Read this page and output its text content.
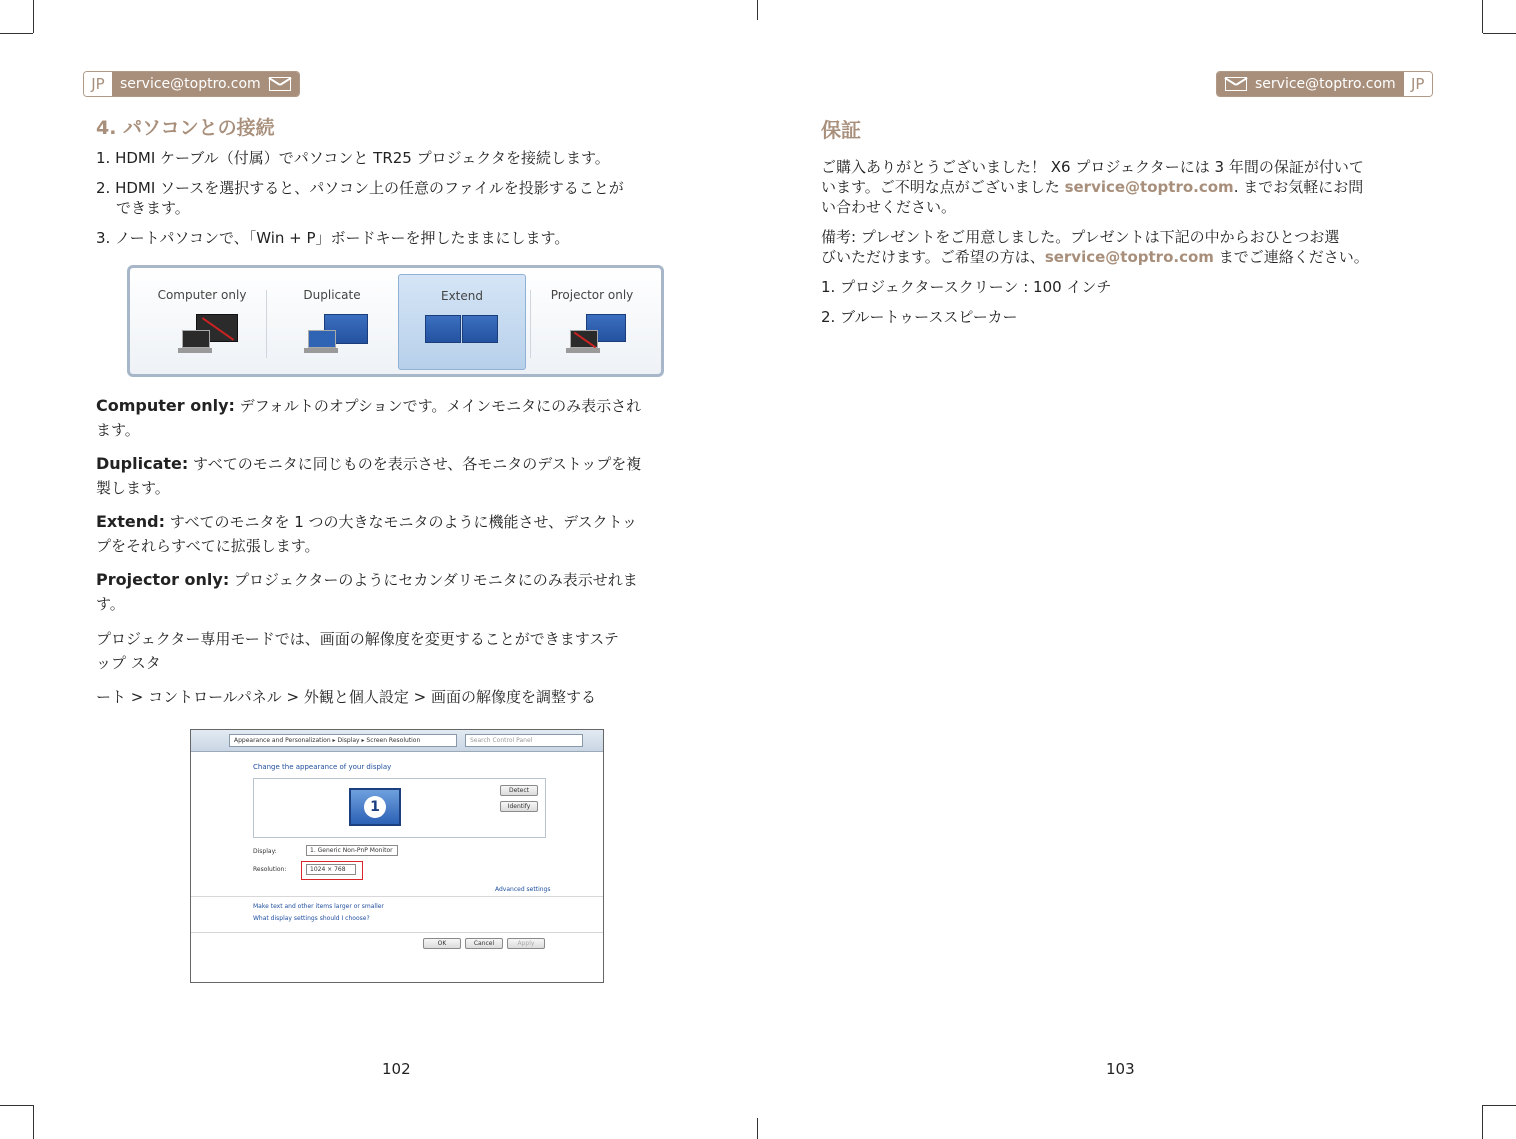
JP	service@toptro.com
4. パソコンとの接続
1. HDMI ケーブル（付属）でパソコンと TR25 プロジェクタを接続します。
2. HDMI ソースを選択すると、パソコン上の任意のファイルを投影することが
できます。
3. ノートパソコンで、「Win + P」ボードキーを押したままにします。
Computer only	Duplicate	Extend	Projector only
Computer only: デフォルトのオプションです。メインモニタにのみ表示され
ます。
Duplicate: すべてのモニタに同じものを表示させ、各モニタのデストップを複
製します。
Extend: すべてのモニタを 1 つの大きなモニタのように機能させ、デスクトッ
プをそれらすべてに拡張します。
Projector only: プロジェクターのようにセカンダリモニタにのみ表示せれま
す。
プロジェクター専用モードでは、画面の解像度を変更することができますステ
ップ スタ
ート > コントロールパネル > 外観と個人設定 > 画面の解像度を調整する
Appearance and Personalization ▸ Display ▸ Screen Resolution	Search Control Panel
Change the appearance of your display
1
Detect
Identify
Display:	1. Generic Non-PnP Monitor
Resolution:	1024 × 768
Advanced settings
Make text and other items larger or smaller
What display settings should I choose?
OK	Cancel	Apply
102
service@toptro.com	JP
保証
ご購入ありがとうございました！ X6 プロジェクターには 3 年間の保証が付いて
います。ご不明な点がございました service@toptro.com. までお気軽にお問
い合わせください。
備考: プレゼントをご用意しました。プレゼントは下記の中からおひとつお選
びいただけます。ご希望の方は、service@toptro.com までご連絡ください。
1. プロジェクタースクリーン : 100 インチ
2. ブルートゥーススピーカー
103
